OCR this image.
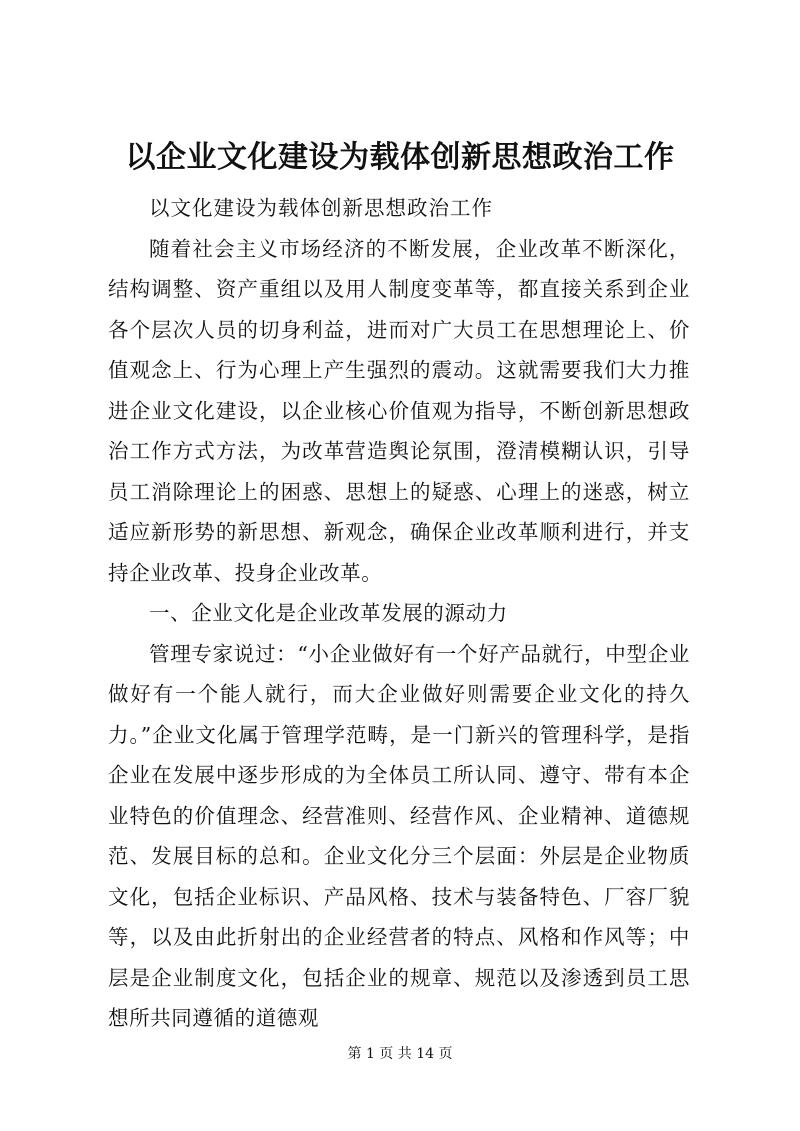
以企业文化建设为载体创新思想政治工作

以文化建设为载体创新思想政治工作

随着社会主义市场经济的不断发展，企业改革不断深化，结构调整、资产重组以及用人制度变革等，都直接关系到企业各个层次人员的切身利益，进而对广大员工在思想理论上、价值观念上、行为心理上产生强烈的震动。这就需要我们大力推进企业文化建设，以企业核心价值观为指导，不断创新思想政治工作方式方法，为改革营造舆论氛围，澄清模糊认识，引导员工消除理论上的困惑、思想上的疑惑、心理上的迷惑，树立适应新形势的新思想、新观念，确保企业改革顺利进行，并支持企业改革、投身企业改革。

一、企业文化是企业改革发展的源动力

管理专家说过：“小企业做好有一个好产品就行，中型企业做好有一个能人就行，而大企业做好则需要企业文化的持久力。”企业文化属于管理学范畴，是一门新兴的管理科学，是指企业在发展中逐步形成的为全体员工所认同、遵守、带有本企业特色的价值理念、经营准则、经营作风、企业精神、道德规范、发展目标的总和。企业文化分三个层面：外层是企业物质文化，包括企业标识、产品风格、技术与装备特色、厂容厂貌等，以及由此折射出的企业经营者的特点、风格和作风等；中层是企业制度文化，包括企业的规章、规范以及渗透到员工思想所共同遵循的道德观

第 1 页 共 14 页
